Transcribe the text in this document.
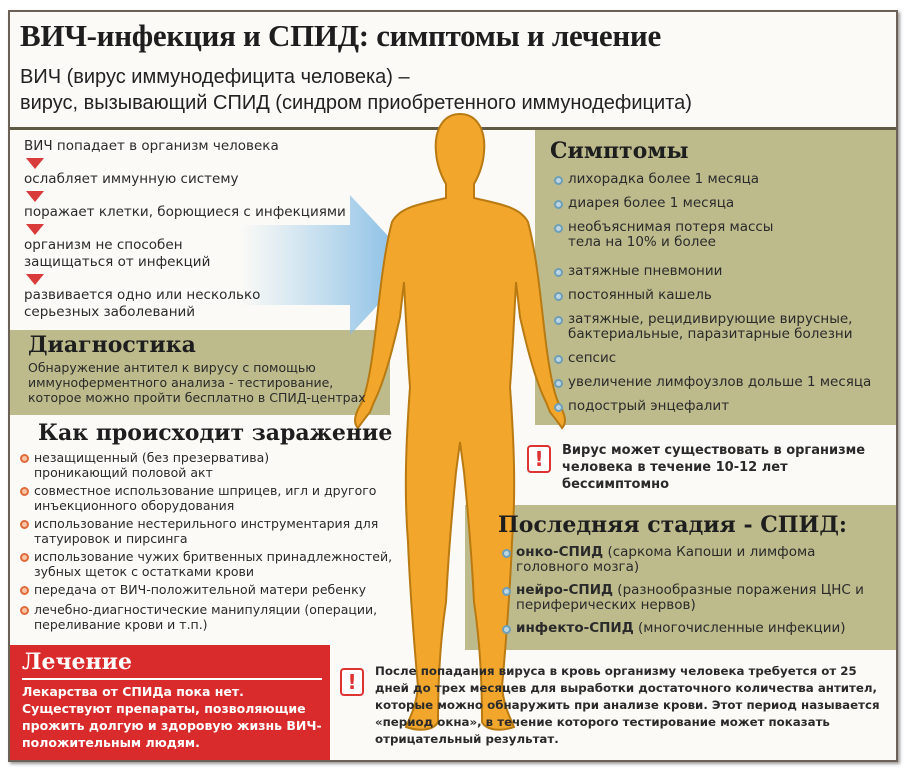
ВИЧ-инфекция и СПИД: симптомы и лечение
ВИЧ (вирус иммунодефицита человека) –
вирус, вызывающий СПИД (синдром приобретенного иммунодефицита)
ВИЧ попадает в организм человека
ослабляет иммунную систему
поражает клетки, борющиеся с инфекциями
организм не способен
защищаться от инфекций
развивается одно или несколько
серьезных заболеваний
Диагностика
Обнаружение антител к вирусу с помощью иммуноферментного анализа - тестирование, которое можно пройти бесплатно в СПИД-центрах
Симптомы
лихорадка более 1 месяца
диарея более 1 месяца
необъяснимая потеря массы
тела на 10% и более
затяжные пневмонии
постоянный кашель
затяжные, рецидивирующие вирусные,
бактериальные, паразитарные болезни
сепсис
увеличение лимфоузлов дольше 1 месяца
подострый энцефалит
!	Вирус может существовать в организме человека в течение 10-12 лет бессимптомно
Как происходит заражение
незащищенный (без презерватива)
проникающий половой акт
совместное использование шприцев, игл и другого
инъекционного оборудования
использование нестерильного инструментария для
татуировок и пирсинга
использование чужих бритвенных принадлежностей,
зубных щеток с остатками крови
передача от ВИЧ-положительной матери ребенку
лечебно-диагностические манипуляции (операции,
переливание крови и т.п.)
Последняя стадия - СПИД:
онко-СПИД (саркома Капоши и лимфома головного мозга)
нейро-СПИД (разнообразные поражения ЦНС и периферических нервов)
инфекто-СПИД (многочисленные инфекции)
Лечение
Лекарства от СПИДа пока нет. Существуют препараты, позволяющие прожить долгую и здоровую жизнь ВИЧ-положительным людям.
!	После попадания вируса в кровь организму человека требуется от 25 дней до трех месяцев для выработки достаточного количества антител, которые можно обнаружить при анализе крови. Этот период называется «период окна», в течение которого тестирование может показать отрицательный результат.
